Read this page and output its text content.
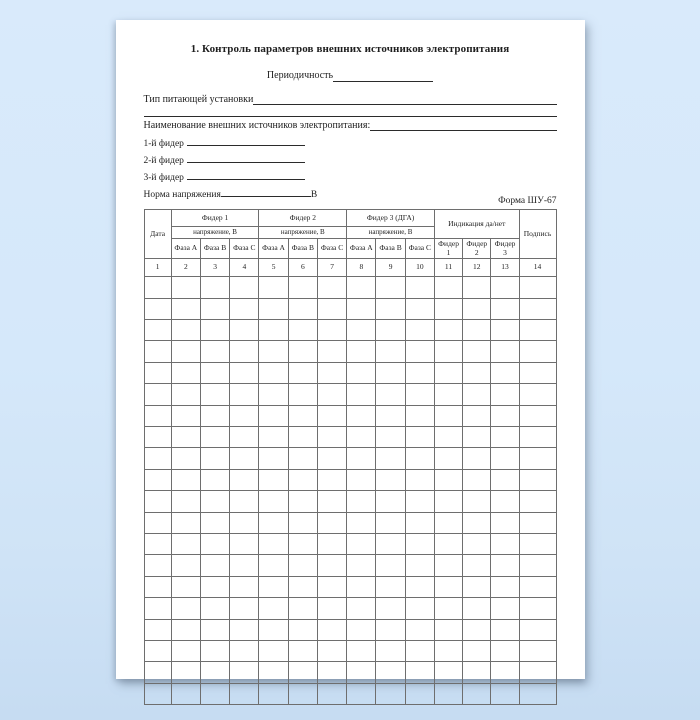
1. Контроль параметров внешних источников электропитания
Периодичность
Тип питающей установки
Наименование внешних источников электропитания:
1-й фидер
2-й фидер
3-й фидер
Норма напряжения	В
Форма ШУ-67
Дата	Фидер 1			Фидер 2			Фидер 3 (ДГА)			Индикация да/нет			Подпись
	напряжение, В			напряжение, В			напряжение, В						
	Фаза А	Фаза В	Фаза С	Фаза А	Фаза В	Фаза С	Фаза А	Фаза В	Фаза С	Фидер 1	Фидер 2	Фидер 3	
1	2	3	4	5	6	7	8	9	10	11	12	13	14
